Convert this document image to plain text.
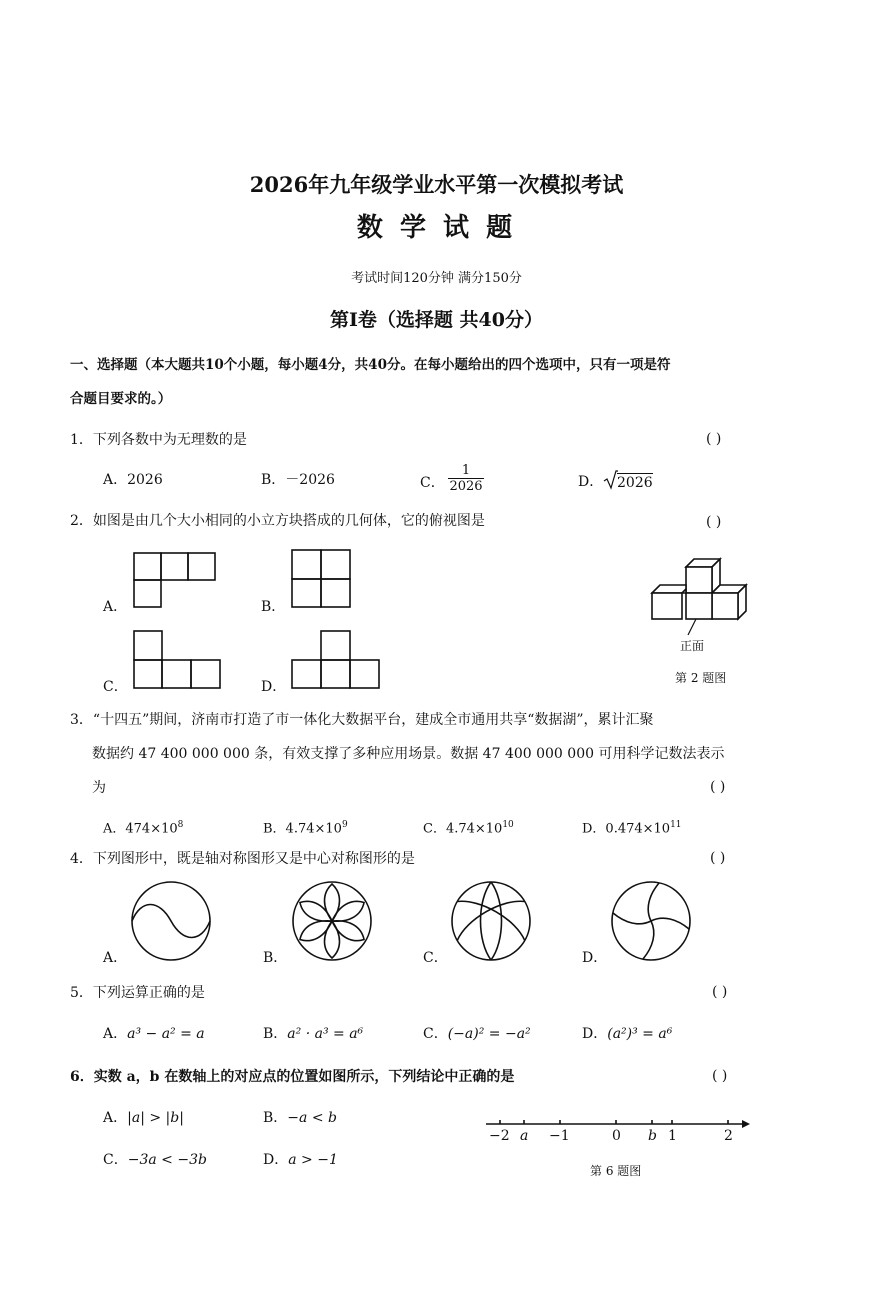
2026年九年级学业水平第一次模拟考试
数 学 试 题
考试时间120分钟 满分150分
第Ⅰ卷（选择题 共40分）
一、选择题（本大题共10个小题，每小题4分，共40分。在每小题给出的四个选项中，只有一项是符
合题目要求的。）
1．下列各数中为无理数的是	( )
A．2026	B．－2026	C． $\frac{1}{2026}$	D． 2026
2．如图是由几个大小相同的小立方块搭成的几何体，它的俯视图是	( )
A．	B．
C．	D．
正面
第 2 题图
3．“十四五”期间，济南市打造了市一体化大数据平台，建成全市通用共享“数据湖”，累计汇聚
数据约 47 400 000 000 条，有效支撑了多种应用场景。数据 47 400 000 000 可用科学记数法表示
为	( )
A．$474\times 10^8$	B．$4.74\times 10^9$	C．$4.74\times 10^{10}$	D．$0.474\times 10^{11}$
4．下列图形中，既是轴对称图形又是中心对称图形的是	( )
A．	B．	C．	D．
5．下列运算正确的是	( )
A．a³ − a² = a	B．a² · a³ = a⁶	C．(−a)² = −a²	D．(a²)³ = a⁶
6．实数 a，b 在数轴上的对应点的位置如图所示，下列结论中正确的是	( )
A．|a| > |b|	B．−a < b
C．−3a < −3b	D．a > −1
−2 a −1	0 b 1	2
第 6 题图
